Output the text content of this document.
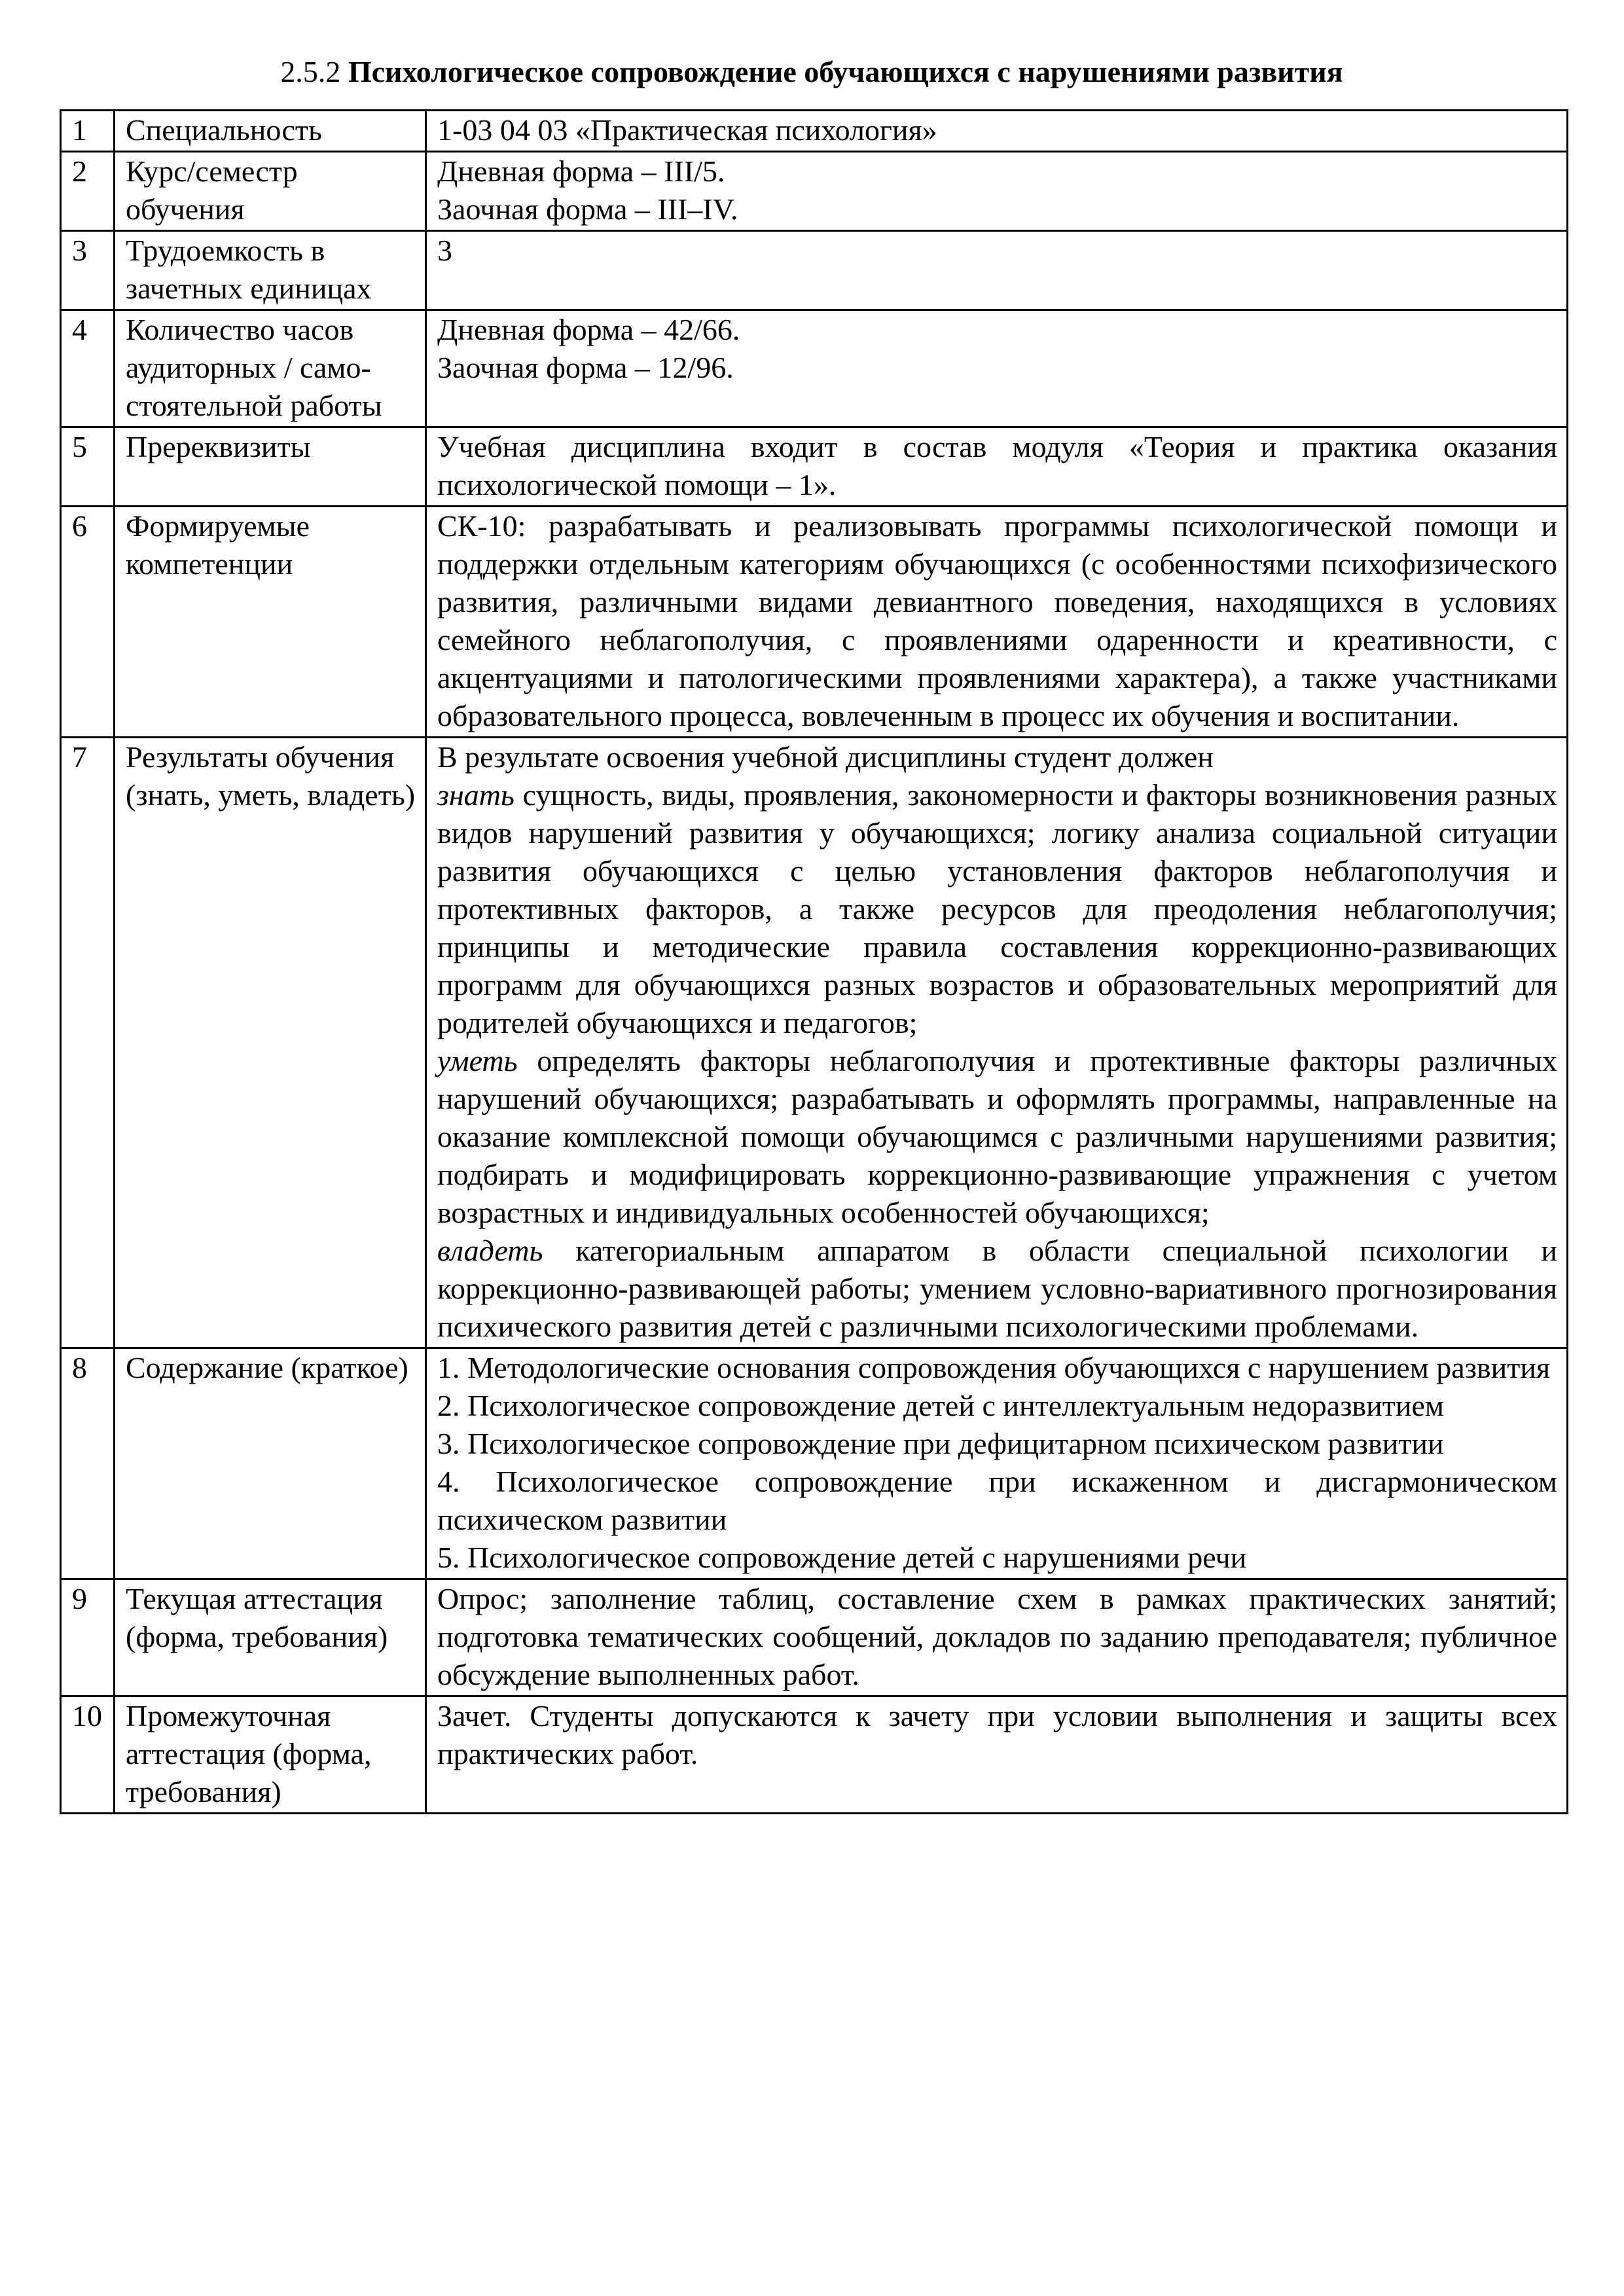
2.5.2 Психологическое сопровождение обучающихся с нарушениями развития
1	Специальность	1-03 04 03 «Практическая психология»

2	Курс/семестр обучения	Дневная форма – III/5.

Заочная форма – III–IV.

3	Трудоемкость в зачетных единицах	3

4	Количество часов аудиторных / само-стоятельной работы	Дневная форма – 42/66.

Заочная форма – 12/96.

5	Пререквизиты	Учебная дисциплина входит в состав модуля «Теория и практика оказания психологической помощи – 1».

6	Формируемые компетенции	СК-10: разрабатывать и реализовывать программы психологической помощи и поддержки отдельным категориям обучающихся (с особенностями психофизического развития, различными видами девиантного поведения, находящихся в условиях семейного неблагополучия, с проявлениями одаренности и креативности, с акцентуациями и патологическими проявлениями характера), а также участниками образовательного процесса, вовлеченным в процесс их обучения и воспитании.

7	Результаты обучения (знать, уметь, владеть)	В результате освоения учебной дисциплины студент должен

знать сущность, виды, проявления, закономерности и факторы возникновения разных видов нарушений развития у обучающихся; логику анализа социальной ситуации развития обучающихся с целью установления факторов неблагополучия и протективных факторов, а также ресурсов для преодоления неблагополучия; принципы и методические правила составления коррекционно-развивающих программ для обучающихся разных возрастов и образовательных мероприятий для родителей обучающихся и педагогов;

уметь определять факторы неблагополучия и протективные факторы различных нарушений обучающихся; разрабатывать и оформлять программы, направленные на оказание комплексной помощи обучающимся с различными нарушениями развития; подбирать и модифицировать коррекционно-развивающие упражнения с учетом возрастных и индивидуальных особенностей обучающихся;

владеть категориальным аппаратом в области специальной психологии и коррекционно-развивающей работы; умением условно-вариативного прогнозирования психического развития детей с различными психологическими проблемами.

8	Содержание (краткое)	1. Методологические основания сопровождения обучающихся с нарушением развития

2. Психологическое сопровождение детей с интеллектуальным недоразвитием

3. Психологическое сопровождение при дефицитарном психическом развитии

4. Психологическое сопровождение при искаженном и дисгармоническом психическом развитии

5. Психологическое сопровождение детей с нарушениями речи

9	Текущая аттестация (форма, требования)	Опрос; заполнение таблиц, составление схем в рамках практических занятий; подготовка тематических сообщений, докладов по заданию преподавателя; публичное обсуждение выполненных работ.

10	Промежуточная аттестация (форма, требования)	Зачет. Студенты допускаются к зачету при условии выполнения и защиты всех практических работ.
